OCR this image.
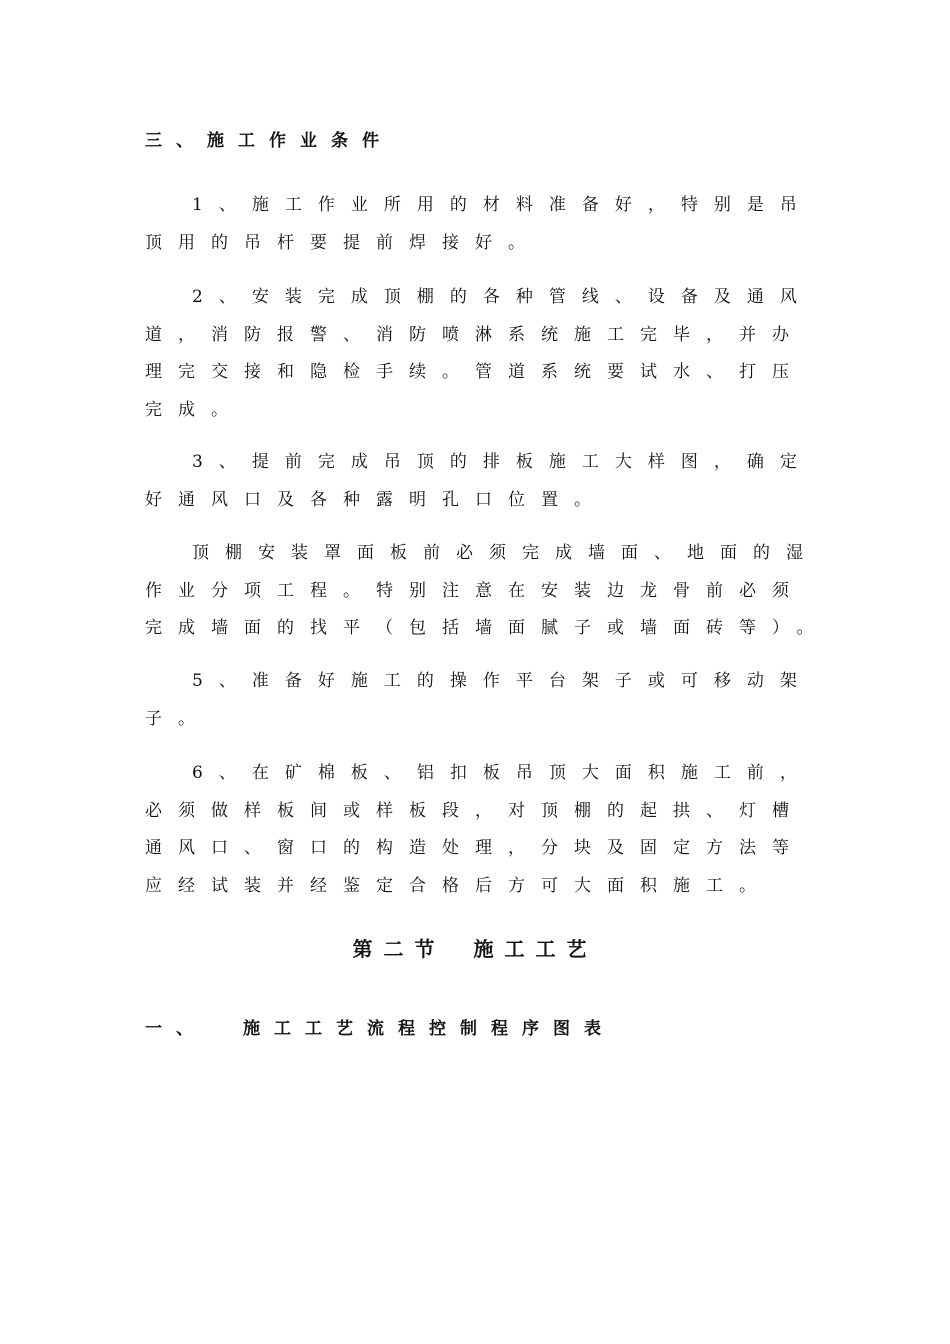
三、施工作业条件

1、施工作业所用的材料准备好，特别是吊顶用的吊杆要提前焊接好。

2、安装完成顶棚的各种管线、设备及通风道，消防报警、消防喷淋系统施工完毕，并办理完交接和隐检手续。管道系统要试水、打压完成。

3、提前完成吊顶的排板施工大样图，确定好通风口及各种露明孔口位置。

顶棚安装罩面板前必须完成墙面、地面的湿作业分项工程。特别注意在安装边龙骨前必须完成墙面的找平（包括墙面腻子或墙面砖等）。

5、准备好施工的操作平台架子或可移动架子。

6、在矿棉板、铝扣板吊顶大面积施工前，必须做样板间或样板段，对顶棚的起拱、灯槽通风口、窗口的构造处理，分块及固定方法等应经试装并经鉴定合格后方可大面积施工。

第二节 施工工艺
一、 施工工艺流程控制程序图表
